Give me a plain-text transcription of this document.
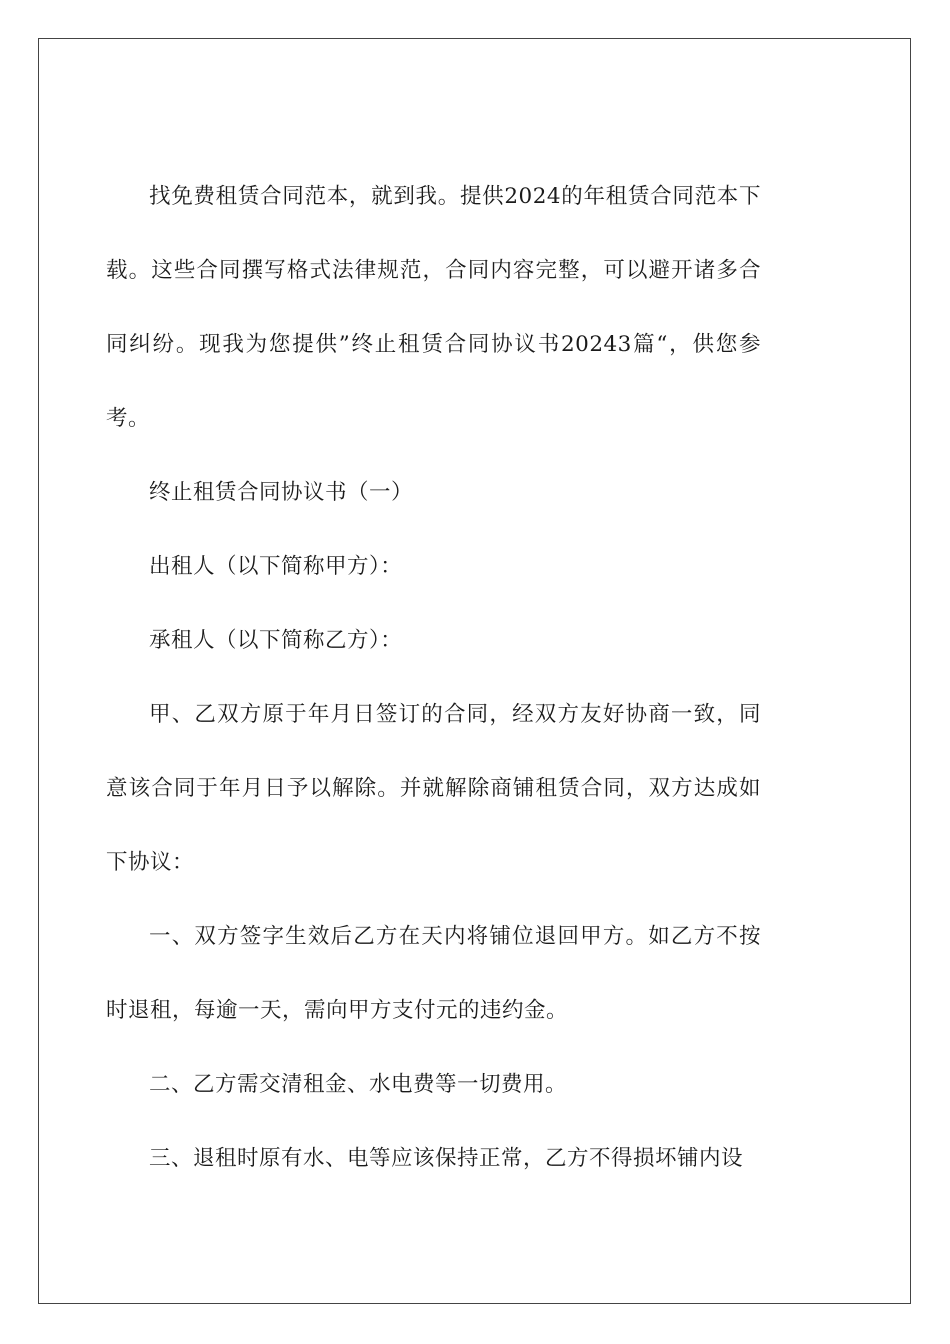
找免费租赁合同范本，就到我。提供2024的年租赁合同范本下载。这些合同撰写格式法律规范，合同内容完整，可以避开诸多合同纠纷。现我为您提供”终止租赁合同协议书20243篇“，供您参考。

终止租赁合同协议书（一）

出租人（以下简称甲方）：

承租人（以下简称乙方）：

甲、乙双方原于年月日签订的合同，经双方友好协商一致，同意该合同于年月日予以解除。并就解除商铺租赁合同，双方达成如下协议：

一、双方签字生效后乙方在天内将铺位退回甲方。如乙方不按时退租，每逾一天，需向甲方支付元的违约金。

二、乙方需交清租金、水电费等一切费用。

三、退租时原有水、电等应该保持正常，乙方不得损坏铺内设
